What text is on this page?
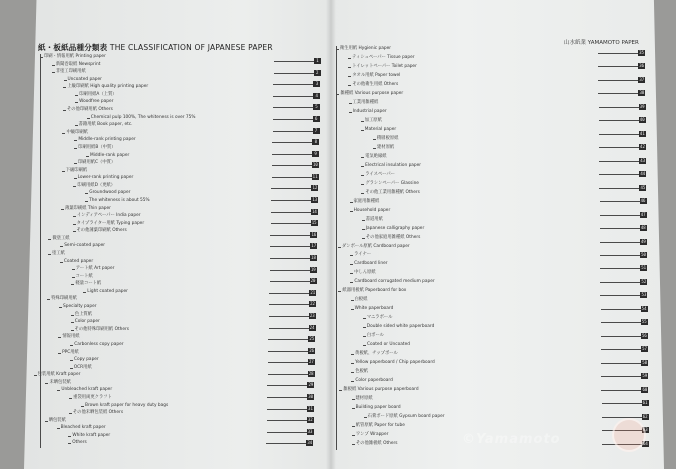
紙・板紙品種分類表 THE CLASSIFICATION OF JAPANESE PAPER	山水紙業 YAMAMOTO PAPER
印刷・情報用紙 Printing paper
新聞巻取紙 Newsprint
非塗工印刷用紙
Uncoated paper
上級印刷紙 High quality printing paper
印刷用紙A（上質）
Woodfree paper
その他印刷用紙 Others
Chemical pulp 100%, The whiteness is over 75%
書籍用紙 Book paper, etc.
中級印刷紙
Middle-rank printing paper
印刷用紙B（中質）
Middle-rank paper
印刷用紙C（中質）
下級印刷紙
Lower-rank printing paper
印刷用紙D（更紙）
Groundwood paper
The whiteness is about 55%
薄葉印刷紙 Thin paper
インディアペーパー India paper
タイプライター用紙 Typing paper
その他薄葉印刷紙 Others
微塗工紙
Semi-coated paper
塗工紙
Coated paper
アート紙 Art paper
コート紙
軽量コート紙
Light coated paper
特殊印刷用紙
Specialty paper
色上質紙
Color paper
その他特殊印刷用紙 Others
情報用紙
Carbonless copy paper
PPC用紙
Copy paper
OCR用紙
包装用紙 Kraft paper
未晒包装紙
Unbleached kraft paper
重袋用両更クラフト
Brown kraft paper for heavy duty bags
その他未晒包装紙 Others
晒包装紙
Bleached kraft paper
White kraft paper
Others
1
2
3
4
5
6
7
8
9
10
11
12
13
14
15
16
17
18
19
20
21
22
23
24
25
26
27
28
29
30
31
32
33
34
衛生用紙 Hygienic paper
ティシュペーパー Tissue paper
トイレットペーパー Toilet paper
タオル用紙 Paper towel
その他衛生用紙 Others
雑種紙 Various purpose paper
工業用雑種紙
Industrial paper
加工原紙
Material paper
積層板原紙
建材原紙
電気絶縁紙
Electrical insulation paper
ライスペーパー
グラシンペーパー Glassine
その他工業用雑種紙 Others
家庭用雑種紙
Household paper
書道用紙
Japanese calligraphy paper
その他家庭用雑種紙 Others
ダンボール原紙 Cardboard paper
ライナー
Cardboard liner
中しん原紙
Cardboard corrugated medium paper
紙器用板紙 Paperboard for box
白板紙
White paperboard
マニラボール
Double sided white paperboard
白ボール
Coated or Uncoated
黄板紙、チップボール
Yellow paperboard / Chip paperboard
色板紙
Color paperboard
雑板紙 Various purpose paperboard
建材原紙
Building paper board
石膏ボード原紙 Gypsum board paper
紙管原紙 Paper for tube
ワンプ Wrapper
その他雑板紙 Others
35
36
37
38
39
40
41
42
43
44
45
46
47
48
49
50
51
52
53
54
55
56
57
58
59
60
61
62
63
64
©Yamamoto
